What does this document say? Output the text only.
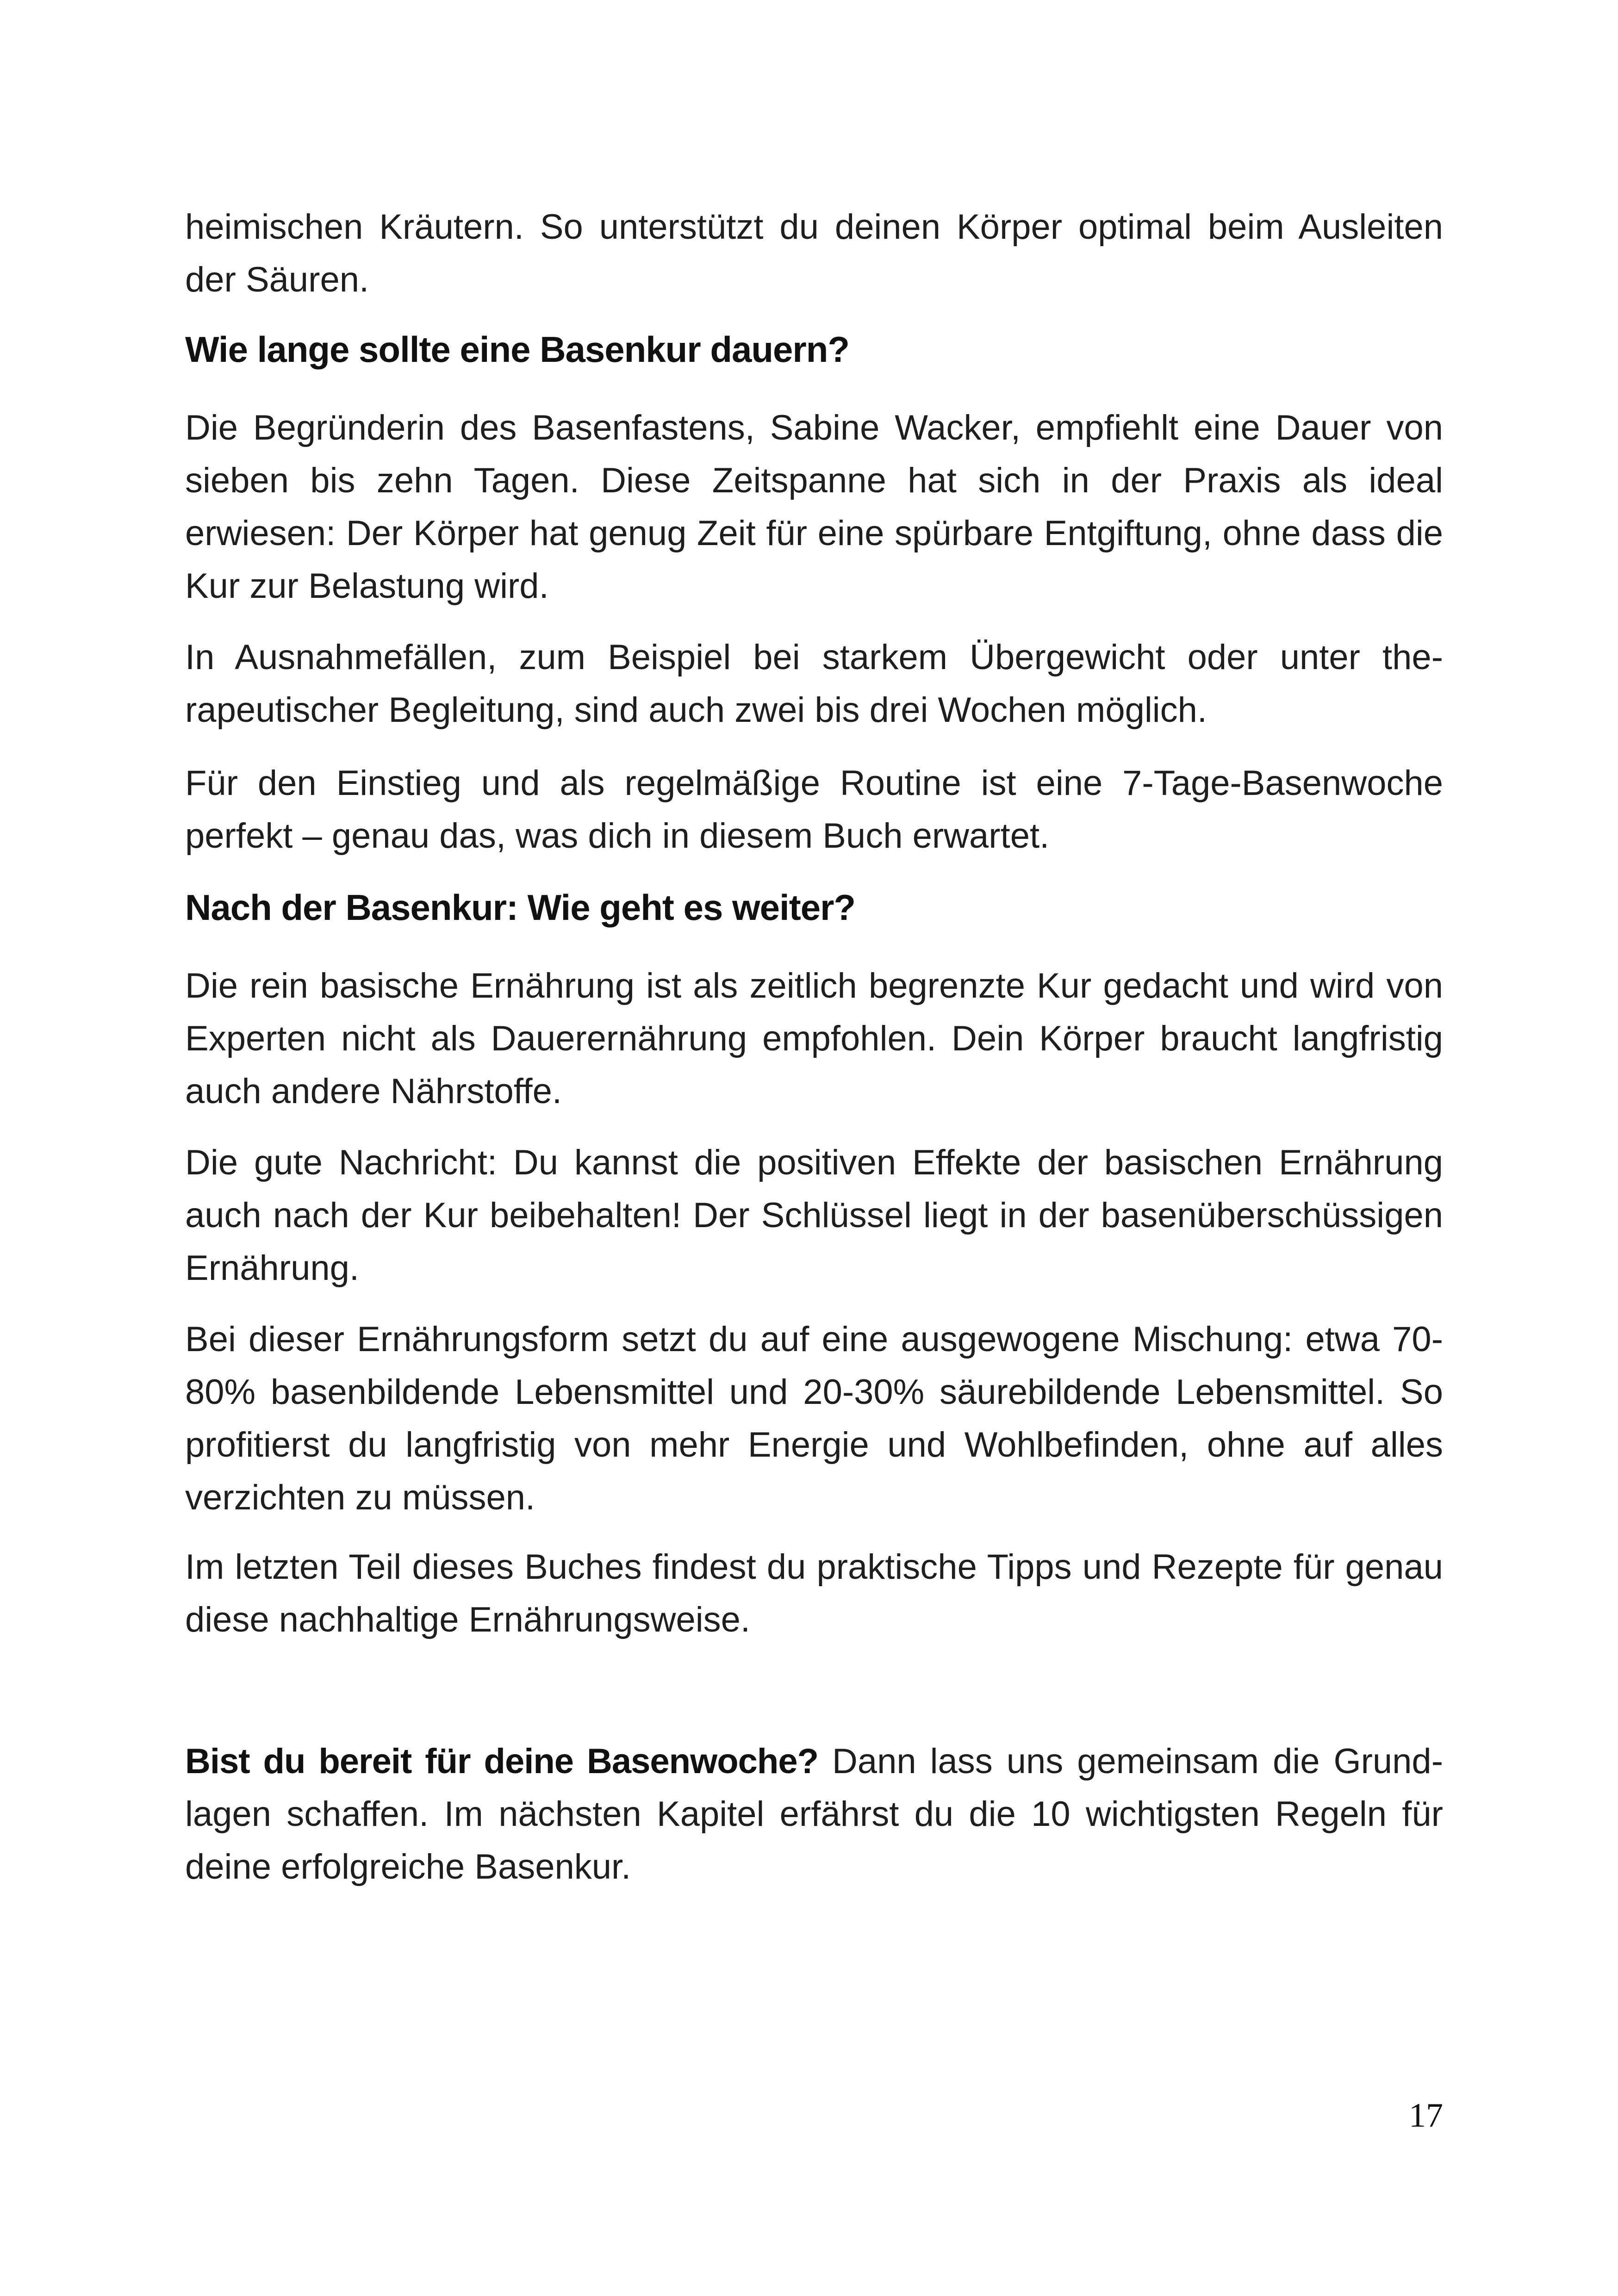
heimischen Kräutern. So unterstützt du deinen Körper optimal beim Ausleiten der Säuren.

Wie lange sollte eine Basenkur dauern?

Die Begründerin des Basenfastens, Sabine Wacker, empfiehlt eine Dauer von sieben bis zehn Tagen. Diese Zeitspanne hat sich in der Praxis als ideal erwiesen: Der Körper hat genug Zeit für eine spürbare Entgiftung, ohne dass die Kur zur Belastung wird.

In Ausnahmefällen, zum Beispiel bei starkem Übergewicht oder unter therapeutischer Begleitung, sind auch zwei bis drei Wochen möglich.

Für den Einstieg und als regelmäßige Routine ist eine 7-Tage-Basenwoche perfekt – genau das, was dich in diesem Buch erwartet.

Nach der Basenkur: Wie geht es weiter?

Die rein basische Ernährung ist als zeitlich begrenzte Kur gedacht und wird von Experten nicht als Dauerernährung empfohlen. Dein Körper braucht langfristig auch andere Nährstoffe.

Die gute Nachricht: Du kannst die positiven Effekte der basischen Ernährung auch nach der Kur beibehalten! Der Schlüssel liegt in der basenüberschüssigen Ernährung.

Bei dieser Ernährungsform setzt du auf eine ausgewogene Mischung: etwa 70-80% basenbildende Lebensmittel und 20-30% säurebildende Lebensmittel. So profitierst du langfristig von mehr Energie und Wohlbefinden, ohne auf alles verzichten zu müssen.

Im letzten Teil dieses Buches findest du praktische Tipps und Rezepte für genau diese nachhaltige Ernährungsweise.

Bist du bereit für deine Basenwoche? Dann lass uns gemeinsam die Grundlagen schaffen. Im nächsten Kapitel erfährst du die 10 wichtigsten Regeln für deine erfolgreiche Basenkur.

17
